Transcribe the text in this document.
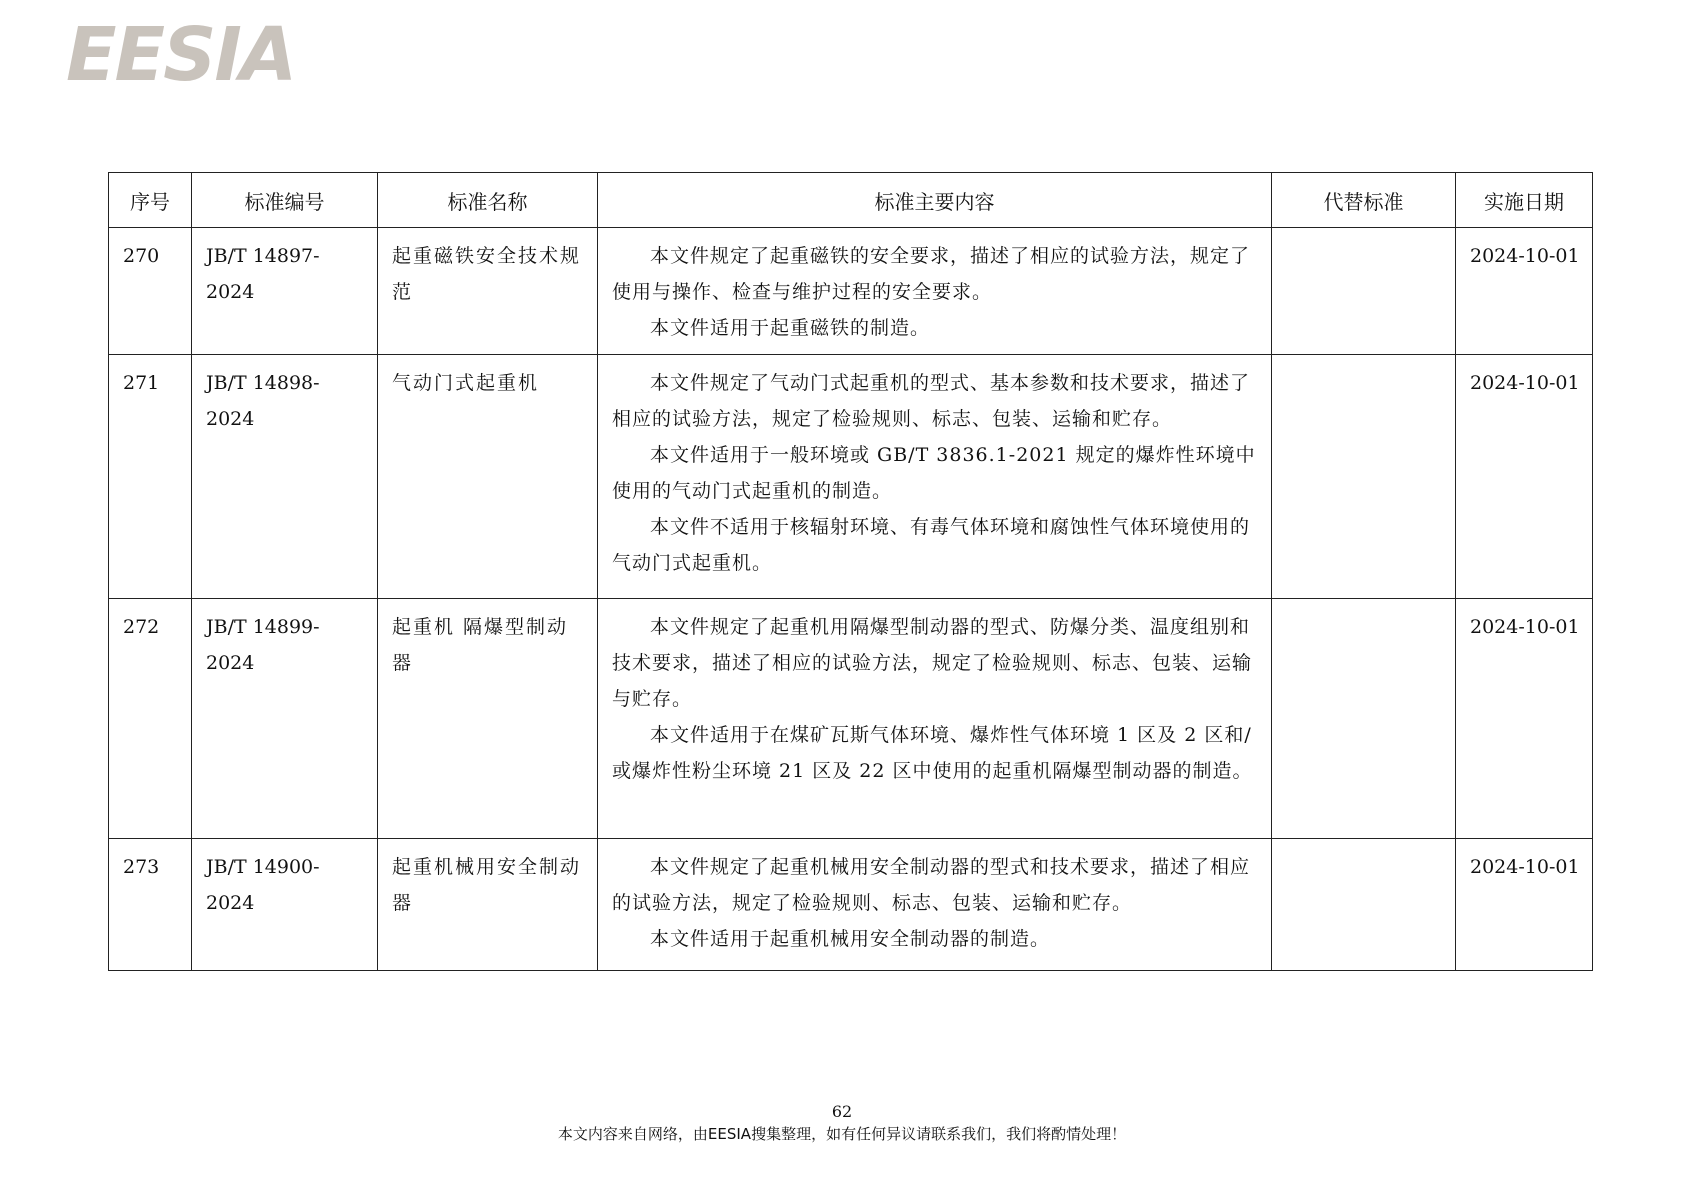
EESIA
序号	标准编号	标准名称	标准主要内容	代替标准	实施日期
270	JB/T 14897-2024	起重磁铁安全技术规范	本文件规定了起重磁铁的安全要求，描述了相应的试验方法，规定了使用与操作、检查与维护过程的安全要求。

本文件适用于起重磁铁的制造。		2024-10-01
271	JB/T 14898-2024	气动门式起重机	本文件规定了气动门式起重机的型式、基本参数和技术要求，描述了相应的试验方法，规定了检验规则、标志、包装、运输和贮存。

本文件适用于一般环境或 GB/T 3836.1-2021 规定的爆炸性环境中使用的气动门式起重机的制造。

本文件不适用于核辐射环境、有毒气体环境和腐蚀性气体环境使用的气动门式起重机。		2024-10-01
272	JB/T 14899-2024	起重机 隔爆型制动器	本文件规定了起重机用隔爆型制动器的型式、防爆分类、温度组别和技术要求，描述了相应的试验方法，规定了检验规则、标志、包装、运输与贮存。

本文件适用于在煤矿瓦斯气体环境、爆炸性气体环境 1 区及 2 区和/或爆炸性粉尘环境 21 区及 22 区中使用的起重机隔爆型制动器的制造。		2024-10-01
273	JB/T 14900-2024	起重机械用安全制动器	本文件规定了起重机械用安全制动器的型式和技术要求，描述了相应的试验方法，规定了检验规则、标志、包装、运输和贮存。

本文件适用于起重机械用安全制动器的制造。		2024-10-01
62
本文内容来自网络，由EESIA搜集整理，如有任何异议请联系我们，我们将酌情处理！
